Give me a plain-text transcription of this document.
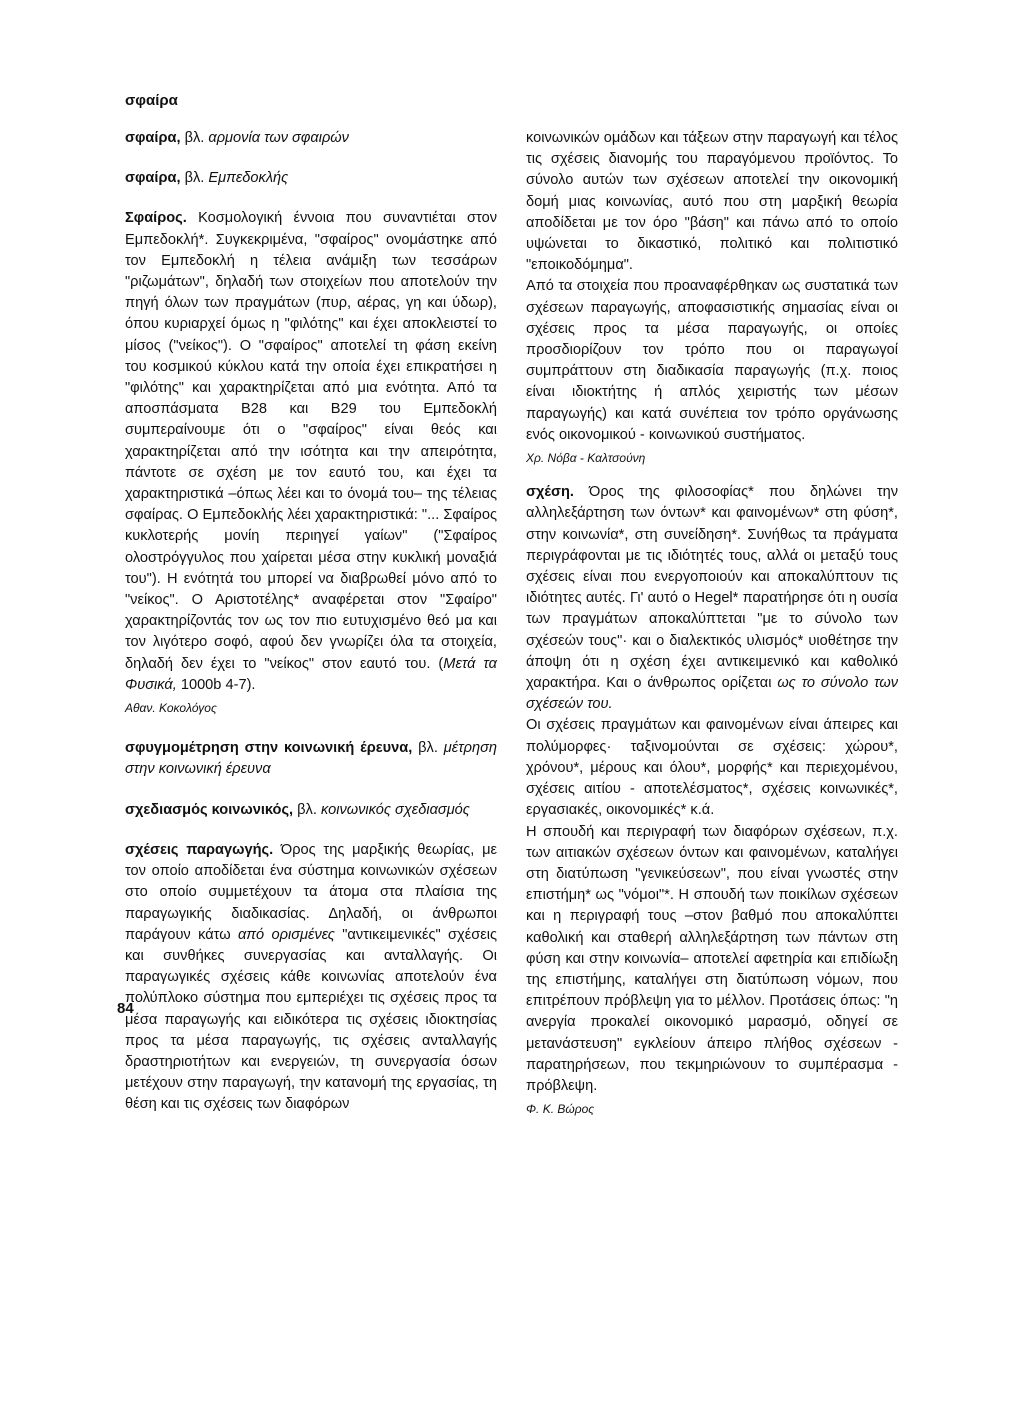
σφαίρα
σφαίρα, βλ. αρμονία των σφαιρών
σφαίρα, βλ. Εμπεδοκλής
Σφαίρος. Κοσμολογική έννοια που συναντιέται στον Εμπεδοκλή*. Συγκεκριμένα, "σφαίρος" ονομάστηκε από τον Εμπεδοκλή η τέλεια ανάμιξη των τεσσάρων "ριζωμάτων", δηλαδή των στοιχείων που αποτελούν την πηγή όλων των πραγμάτων (πυρ, αέρας, γη και ύδωρ), όπου κυριαρχεί όμως η "φιλότης" και έχει αποκλειστεί το μίσος ("νείκος"). Ο "σφαίρος" αποτελεί τη φάση εκείνη του κοσμικού κύκλου κατά την οποία έχει επικρατήσει η "φιλότης" και χαρακτηρίζεται από μια ενότητα. Από τα αποσπάσματα Β28 και Β29 του Εμπεδοκλή συμπεραίνουμε ότι ο "σφαίρος" είναι θεός και χαρακτηρίζεται από την ισότητα και την απειρότητα, πάντοτε σε σχέση με τον εαυτό του, και έχει τα χαρακτηριστικά –όπως λέει και το όνομά του– της τέλειας σφαίρας. Ο Εμπεδοκλής λέει χαρακτηριστικά: "... Σφαίρος κυκλοτερής μονίη περιηγεί γαίων" ("Σφαίρος ολοστρόγγυλος που χαίρεται μέσα στην κυκλική μοναξιά του"). Η ενότητά του μπορεί να διαβρωθεί μόνο από το "νείκος". Ο Αριστοτέλης* αναφέρεται στον "Σφαίρο" χαρακτηρίζοντάς τον ως τον πιο ευτυχισμένο θεό μα και τον λιγότερο σοφό, αφού δεν γνωρίζει όλα τα στοιχεία, δηλαδή δεν έχει το "νείκος" στον εαυτό του. (Μετά τα Φυσικά, 1000b 4-7).
Αθαν. Κοκολόγος
σφυγμομέτρηση στην κοινωνική έρευνα, βλ. μέτρηση στην κοινωνική έρευνα
σχεδιασμός κοινωνικός, βλ. κοινωνικός σχεδιασμός
σχέσεις παραγωγής. Όρος της μαρξικής θεωρίας, με τον οποίο αποδίδεται ένα σύστημα κοινωνικών σχέσεων στο οποίο συμμετέχουν τα άτομα στα πλαίσια της παραγωγικής διαδικασίας. Δηλαδή, οι άνθρωποι παράγουν κάτω από ορισμένες "αντικειμενικές" σχέσεις και συνθήκες συνεργασίας και ανταλλαγής. Οι παραγωγικές σχέσεις κάθε κοινωνίας αποτελούν ένα πολύπλοκο σύστημα που εμπεριέχει τις σχέσεις προς τα μέσα παραγωγής και ειδικότερα τις σχέσεις ιδιοκτησίας προς τα μέσα παραγωγής, τις σχέσεις ανταλλαγής δραστηριοτήτων και ενεργειών, τη συνεργασία όσων μετέχουν στην παραγωγή, την κατανομή της εργασίας, τη θέση και τις σχέσεις των διαφόρων
κοινωνικών ομάδων και τάξεων στην παραγωγή και τέλος τις σχέσεις διανομής του παραγόμενου προϊόντος. Το σύνολο αυτών των σχέσεων αποτελεί την οικονομική δομή μιας κοινωνίας, αυτό που στη μαρξική θεωρία αποδίδεται με τον όρο "βάση" και πάνω από το οποίο υψώνεται το δικαστικό, πολιτικό και πολιτιστικό "εποικοδόμημα".
Από τα στοιχεία που προαναφέρθηκαν ως συστατικά των σχέσεων παραγωγής, αποφασιστικής σημασίας είναι οι σχέσεις προς τα μέσα παραγωγής, οι οποίες προσδιορίζουν τον τρόπο που οι παραγωγοί συμπράττουν στη διαδικασία παραγωγής (π.χ. ποιος είναι ιδιοκτήτης ή απλός χειριστής των μέσων παραγωγής) και κατά συνέπεια τον τρόπο οργάνωσης ενός οικονομικού - κοινωνικού συστήματος.
Χρ. Νόβα - Καλτσούνη
σχέση. Όρος της φιλοσοφίας* που δηλώνει την αλληλεξάρτηση των όντων* και φαινομένων* στη φύση*, στην κοινωνία*, στη συνείδηση*. Συνήθως τα πράγματα περιγράφονται με τις ιδιότητές τους, αλλά οι μεταξύ τους σχέσεις είναι που ενεργοποιούν και αποκαλύπτουν τις ιδιότητες αυτές. Γι' αυτό ο Hegel* παρατήρησε ότι η ουσία των πραγμάτων αποκαλύπτεται "με το σύνολο των σχέσεών τους"· και ο διαλεκτικός υλισμός* υιοθέτησε την άποψη ότι η σχέση έχει αντικειμενικό και καθολικό χαρακτήρα. Και ο άνθρωπος ορίζεται ως το σύνολο των σχέσεών του.
Οι σχέσεις πραγμάτων και φαινομένων είναι άπειρες και πολύμορφες· ταξινομούνται σε σχέσεις: χώρου*, χρόνου*, μέρους και όλου*, μορφής* και περιεχομένου, σχέσεις αιτίου - αποτελέσματος*, σχέσεις κοινωνικές*, εργασιακές, οικονομικές* κ.ά.
Η σπουδή και περιγραφή των διαφόρων σχέσεων, π.χ. των αιτιακών σχέσεων όντων και φαινομένων, καταλήγει στη διατύπωση "γενικεύσεων", που είναι γνωστές στην επιστήμη* ως "νόμοι"*. Η σπουδή των ποικίλων σχέσεων και η περιγραφή τους –στον βαθμό που αποκαλύπτει καθολική και σταθερή αλληλεξάρτηση των πάντων στη φύση και στην κοινωνία– αποτελεί αφετηρία και επιδίωξη της επιστήμης, καταλήγει στη διατύπωση νόμων, που επιτρέπουν πρόβλεψη για το μέλλον. Προτάσεις όπως: "η ανεργία προκαλεί οικονομικό μαρασμό, οδηγεί σε μετανάστευση" εγκλείουν άπειρο πλήθος σχέσεων - παρατηρήσεων, που τεκμηριώνουν το συμπέρασμα - πρόβλεψη.
Φ. Κ. Βώρος
84
